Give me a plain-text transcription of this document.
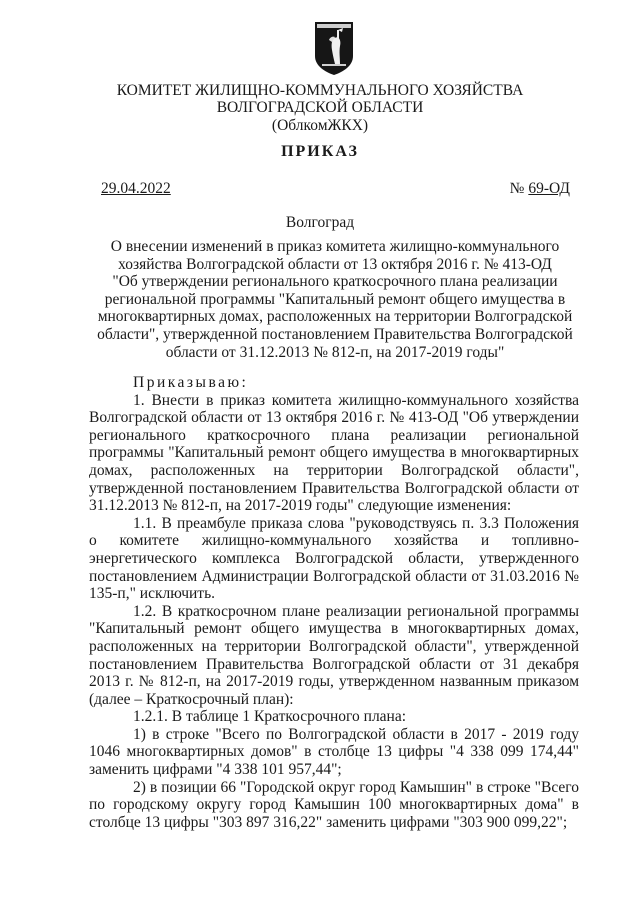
КОМИТЕТ ЖИЛИЩНО-КОММУНАЛЬНОГО ХОЗЯЙСТВА
ВОЛГОГРАДСКОЙ ОБЛАСТИ
(ОблкомЖКХ)
ПРИКАЗ
29.04.2022	№ 69-ОД
Волгоград
О внесении изменений в приказ комитета жилищно-коммунального
хозяйства Волгоградской области от 13 октября 2016 г. № 413-ОД
"Об утверждении регионального краткосрочного плана реализации
региональной программы "Капитальный ремонт общего имущества в
многоквартирных домах, расположенных на территории Волгоградской
области", утвержденной постановлением Правительства Волгоградской
области от 31.12.2013 № 812-п, на 2017-2019 годы"

Приказываю:

1. Внести в приказ комитета жилищно-коммунального хозяйства Волгоградской области от 13 октября 2016 г. № 413-ОД "Об утверждении регионального краткосрочного плана реализации региональной программы "Капитальный ремонт общего имущества в многоквартирных домах, расположенных на территории Волгоградской области", утвержденной постановлением Правительства Волгоградской области от 31.12.2013 № 812-п, на 2017-2019 годы" следующие изменения:

1.1. В преамбуле приказа слова "руководствуясь п. 3.3 Положения о комитете жилищно-коммунального хозяйства и топливно-энергетического комплекса Волгоградской области, утвержденного постановлением Администрации Волгоградской области от 31.03.2016 № 135-п," исключить.

1.2. В краткосрочном плане реализации региональной программы "Капитальный ремонт общего имущества в многоквартирных домах, расположенных на территории Волгоградской области", утвержденной постановлением Правительства Волгоградской области от 31 декабря 2013 г. № 812-п, на 2017-2019 годы, утвержденном названным приказом (далее – Краткосрочный план):

1.2.1. В таблице 1 Краткосрочного плана:

1) в строке "Всего по Волгоградской области в 2017 - 2019 году 1046 многоквартирных домов" в столбце 13 цифры "4 338 099 174,44" заменить цифрами "4 338 101 957,44";

2) в позиции 66 "Городской округ город Камышин" в строке "Всего по городскому округу город Камышин 100 многоквартирных дома" в столбце 13 цифры "303 897 316,22" заменить цифрами "303 900 099,22";
